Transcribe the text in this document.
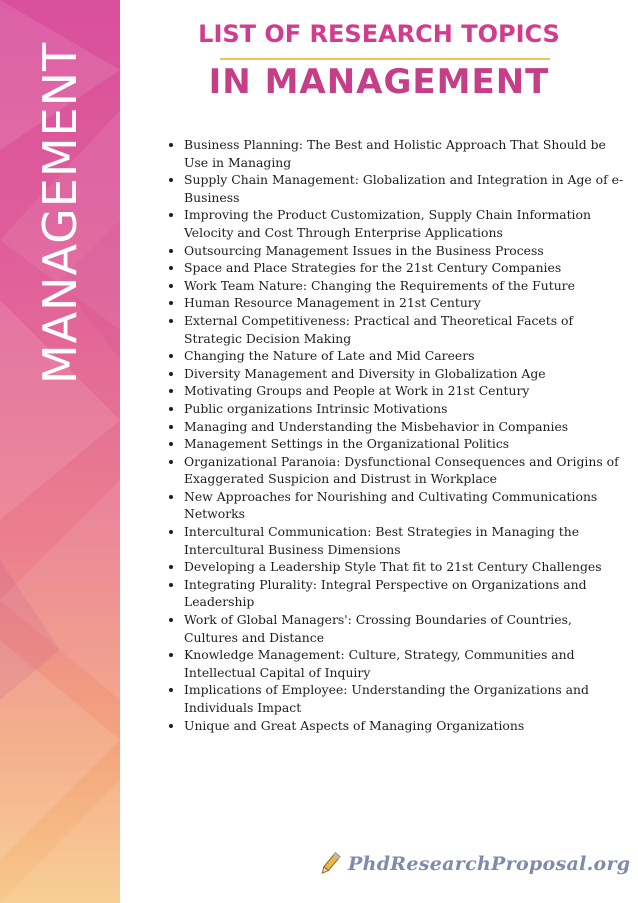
MANAGEMENT
LIST OF RESEARCH TOPICS
IN MANAGEMENT
• Business Planning: The Best and Holistic Approach That Should be Use in Managing
• Supply Chain Management: Globalization and Integration in Age of e-Business
• Improving the Product Customization, Supply Chain Information Velocity and Cost Through Enterprise Applications
• Outsourcing Management Issues in the Business Process
• Space and Place Strategies for the 21st Century Companies
• Work Team Nature: Changing the Requirements of the Future
• Human Resource Management in 21st Century
• External Competitiveness: Practical and Theoretical Facets of Strategic Decision Making
• Changing the Nature of Late and Mid Careers
• Diversity Management and Diversity in Globalization Age
• Motivating Groups and People at Work in 21st Century
• Public organizations Intrinsic Motivations
• Managing and Understanding the Misbehavior in Companies
• Management Settings in the Organizational Politics
• Organizational Paranoia: Dysfunctional Consequences and Origins of Exaggerated Suspicion and Distrust in Workplace
• New Approaches for Nourishing and Cultivating Communications Networks
• Intercultural Communication: Best Strategies in Managing the Intercultural Business Dimensions
• Developing a Leadership Style That fit to 21st Century Challenges
• Integrating Plurality: Integral Perspective on Organizations and Leadership
• Work of Global Managers': Crossing Boundaries of Countries, Cultures and Distance
• Knowledge Management: Culture, Strategy, Communities and Intellectual Capital of Inquiry
• Implications of Employee: Understanding the Organizations and Individuals Impact
• Unique and Great Aspects of Managing Organizations
PhdResearchProposal.org
